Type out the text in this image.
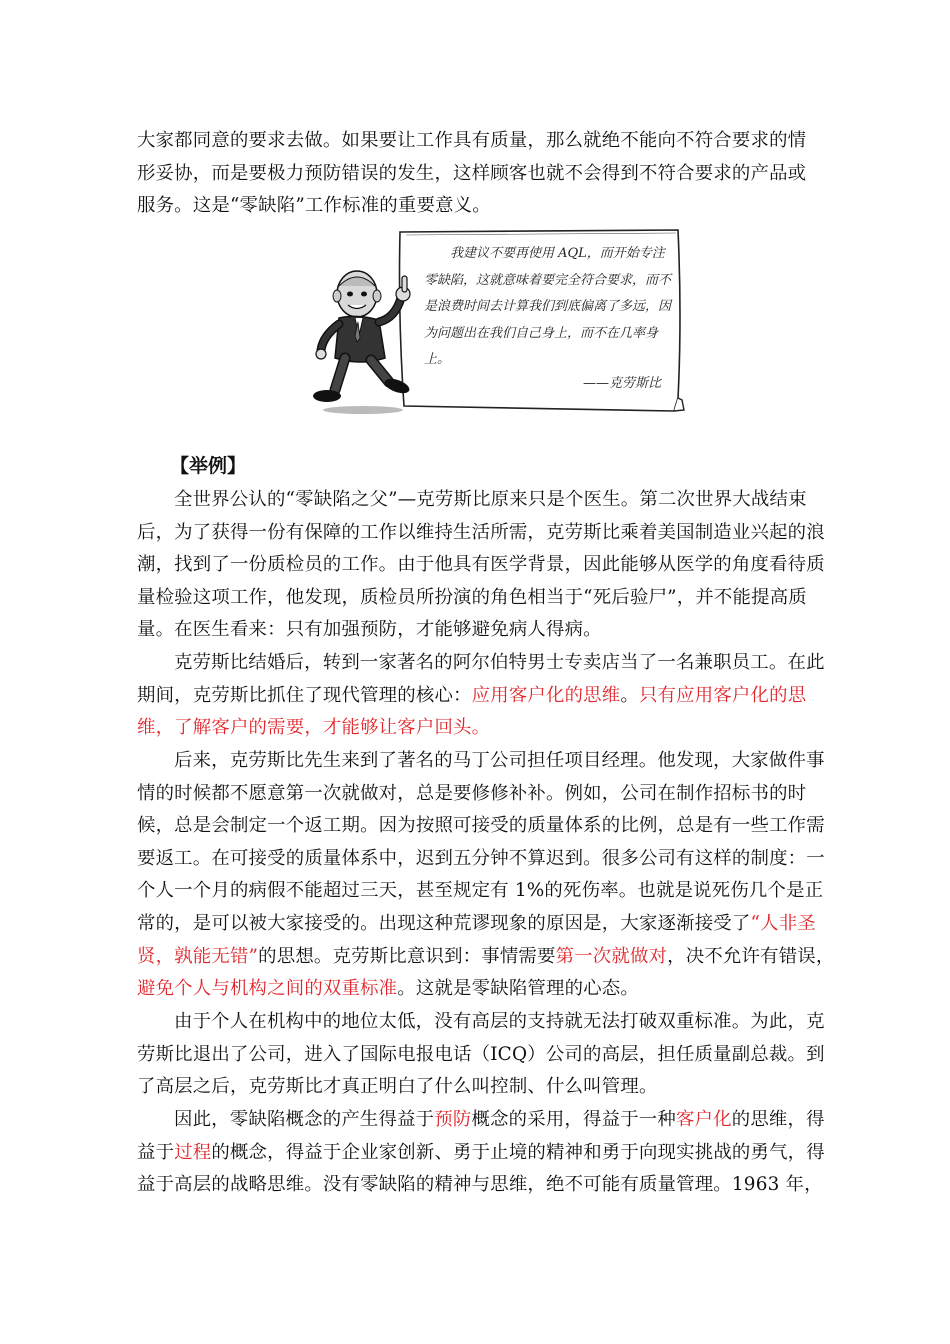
大家都同意的要求去做。如果要让工作具有质量，那么就绝不能向不符合要求的情
形妥协，而是要极力预防错误的发生，这样顾客也就不会得到不符合要求的产品或
服务。这是“零缺陷”工作标准的重要意义。

我建议不要再使用 AQL，而开始专注零缺陷，这就意味着要完全符合要求，而不是浪费时间去计算我们到底偏离了多远，因为问题出在我们自己身上，而不在几率身上。

——克劳斯比

【举例】

全世界公认的“零缺陷之父”—克劳斯比原来只是个医生。第二次世界大战结束后，为了获得一份有保障的工作以维持生活所需，克劳斯比乘着美国制造业兴起的浪潮，找到了一份质检员的工作。由于他具有医学背景，因此能够从医学的角度看待质量检验这项工作，他发现，质检员所扮演的角色相当于“死后验尸”，并不能提高质量。在医生看来：只有加强预防，才能够避免病人得病。

克劳斯比结婚后，转到一家著名的阿尔伯特男士专卖店当了一名兼职员工。在此期间，克劳斯比抓住了现代管理的核心：应用客户化的思维。只有应用客户化的思维，了解客户的需要，才能够让客户回头。

后来，克劳斯比先生来到了著名的马丁公司担任项目经理。他发现，大家做件事情的时候都不愿意第一次就做对，总是要修修补补。例如，公司在制作招标书的时候，总是会制定一个返工期。因为按照可接受的质量体系的比例，总是有一些工作需要返工。在可接受的质量体系中，迟到五分钟不算迟到。很多公司有这样的制度：一个人一个月的病假不能超过三天，甚至规定有 1%的死伤率。也就是说死伤几个是正常的，是可以被大家接受的。出现这种荒谬现象的原因是，大家逐渐接受了“人非圣贤，孰能无错”的思想。克劳斯比意识到：事情需要第一次就做对，决不允许有错误，避免个人与机构之间的双重标准。这就是零缺陷管理的心态。

由于个人在机构中的地位太低，没有高层的支持就无法打破双重标准。为此，克劳斯比退出了公司，进入了国际电报电话（ICQ）公司的高层，担任质量副总裁。到了高层之后，克劳斯比才真正明白了什么叫控制、什么叫管理。

因此，零缺陷概念的产生得益于预防概念的采用，得益于一种客户化的思维，得益于过程的概念，得益于企业家创新、勇于止境的精神和勇于向现实挑战的勇气，得益于高层的战略思维。没有零缺陷的精神与思维，绝不可能有质量管理。1963 年，
